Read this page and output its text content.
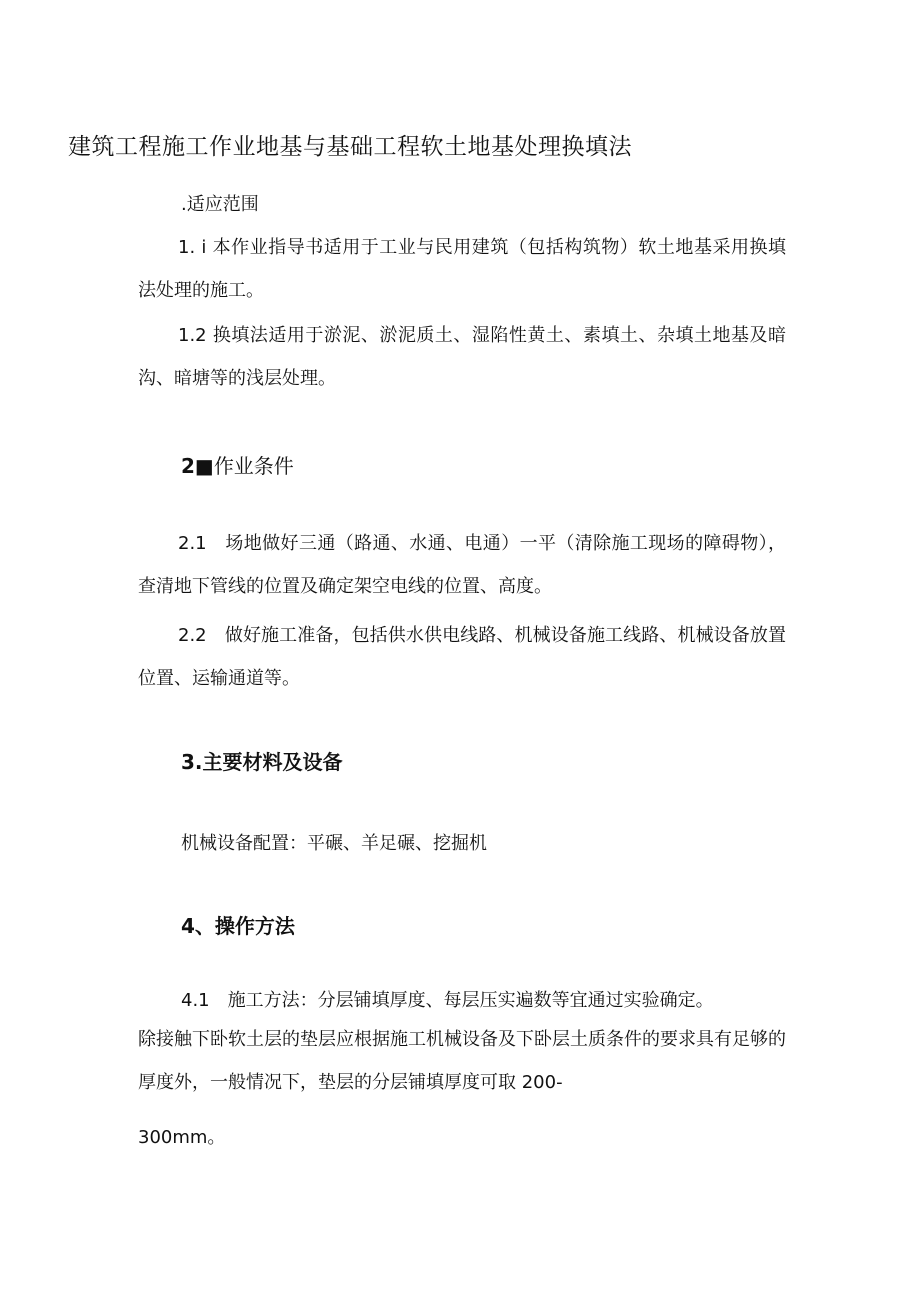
建筑工程施工作业地基与基础工程软土地基处理换填法
.适应范围
1. i 本作业指导书适用于工业与民用建筑（包括构筑物）软土地基采用换填法处理的施工。
1.2 换填法适用于淤泥、淤泥质土、湿陷性黄土、素填土、杂填土地基及暗沟、暗塘等的浅层处理。
2■作业条件
2.1　场地做好三通（路通、水通、电通）一平（清除施工现场的障碍物），查清地下管线的位置及确定架空电线的位置、高度。
2.2　做好施工准备，包括供水供电线路、机械设备施工线路、机械设备放置位置、运输通道等。
3.主要材料及设备
机械设备配置：平碾、羊足碾、挖掘机
4、操作方法
4.1　施工方法：分层铺填厚度、每层压实遍数等宜通过实验确定。
除接触下卧软土层的垫层应根据施工机械设备及下卧层土质条件的要求具有足够的厚度外，一般情况下，垫层的分层铺填厚度可取 200-
300mm。
